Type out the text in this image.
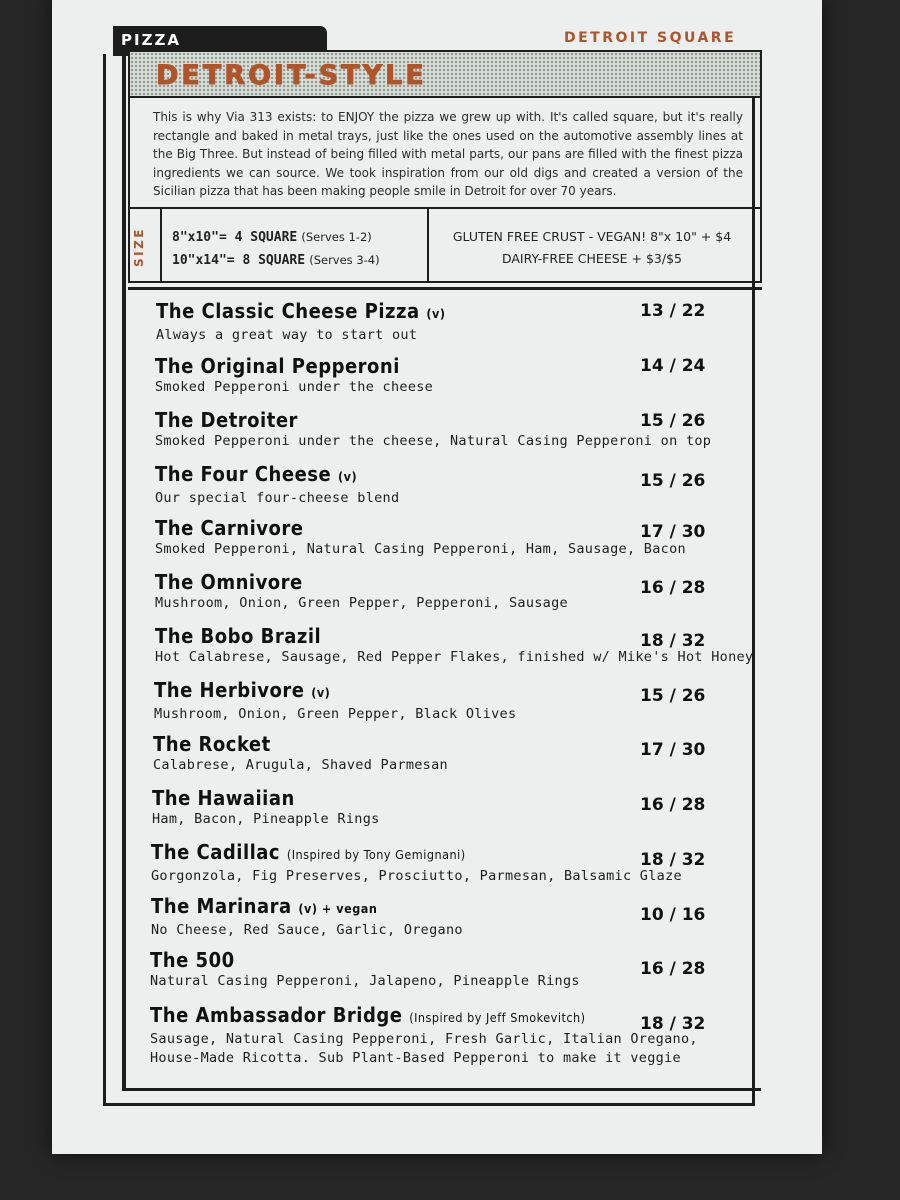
PIZZA	DETROIT SQUARE
DETROIT-STYLE
This is why Via 313 exists: to ENJOY the pizza we grew up with. It's called square, but it's really rectangle and baked in metal trays, just like the ones used on the automotive assembly lines at the Big Three. But instead of being filled with metal parts, our pans are filled with the finest pizza ingredients we can source. We took inspiration from our old digs and created a version of the Sicilian pizza that has been making people smile in Detroit for over 70 years.
SIZE	8"x10"= 4 SQUARE (Serves 1-2)
10"x14"= 8 SQUARE (Serves 3-4)
GLUTEN FREE CRUST - VEGAN! 8"x 10" + $4
DAIRY-FREE CHEESE + $3/$5
The Classic Cheese Pizza (v)
Always a great way to start out
13 / 22
The Original Pepperoni
Smoked Pepperoni under the cheese
14 / 24
The Detroiter
Smoked Pepperoni under the cheese, Natural Casing Pepperoni on top
15 / 26
The Four Cheese (v)
Our special four-cheese blend
15 / 26
The Carnivore
Smoked Pepperoni, Natural Casing Pepperoni, Ham, Sausage, Bacon
17 / 30
The Omnivore
Mushroom, Onion, Green Pepper, Pepperoni, Sausage
16 / 28
The Bobo Brazil
Hot Calabrese, Sausage, Red Pepper Flakes, finished w/ Mike's Hot Honey
18 / 32
The Herbivore (v)
Mushroom, Onion, Green Pepper, Black Olives
15 / 26
The Rocket
Calabrese, Arugula, Shaved Parmesan
17 / 30
The Hawaiian
Ham, Bacon, Pineapple Rings
16 / 28
The Cadillac (Inspired by Tony Gemignani)
Gorgonzola, Fig Preserves, Prosciutto, Parmesan, Balsamic Glaze
18 / 32
The Marinara (v) + vegan
No Cheese, Red Sauce, Garlic, Oregano
10 / 16
The 500
Natural Casing Pepperoni, Jalapeno, Pineapple Rings
16 / 28
The Ambassador Bridge (Inspired by Jeff Smokevitch)
Sausage, Natural Casing Pepperoni, Fresh Garlic, Italian Oregano,
House-Made Ricotta. Sub Plant-Based Pepperoni to make it veggie
18 / 32
